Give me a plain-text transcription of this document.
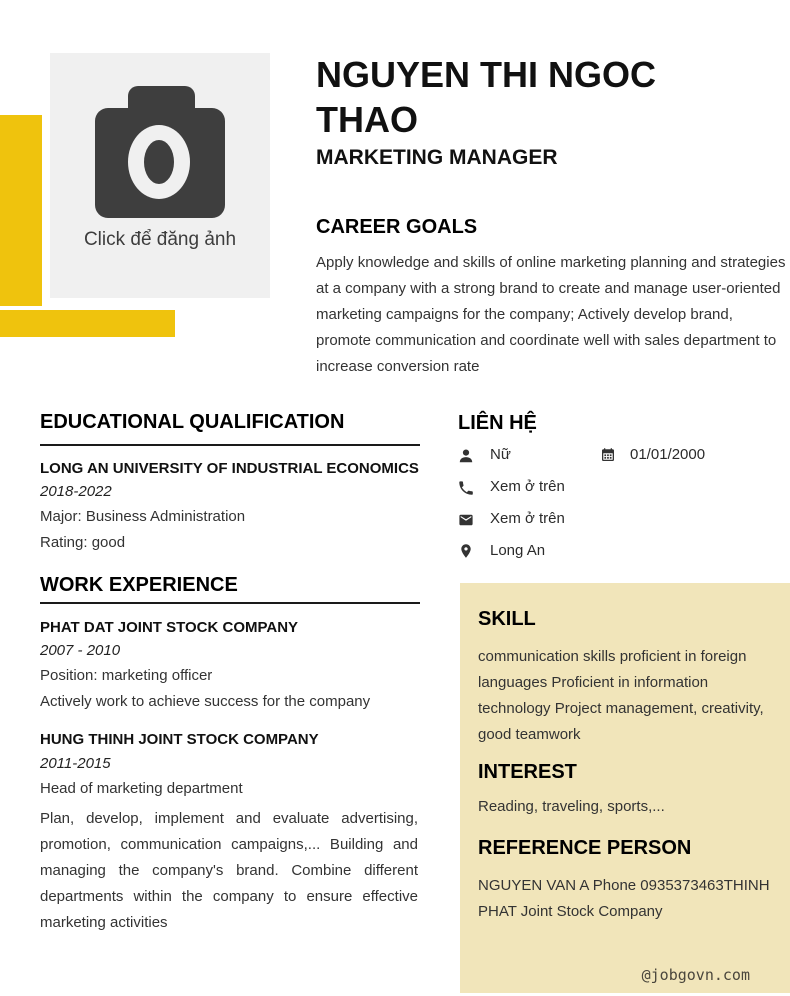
Click để đăng ảnh
NGUYEN THI NGOC THAO
MARKETING MANAGER
CAREER GOALS
Apply knowledge and skills of online marketing planning and strategies at a company with a strong brand to create and manage user-oriented marketing campaigns for the company; Actively develop brand, promote communication and coordinate well with sales department to increase conversion rate
EDUCATIONAL QUALIFICATION
LONG AN UNIVERSITY OF INDUSTRIAL ECONOMICS
2018-2022
Major: Business Administration
Rating: good
WORK EXPERIENCE
PHAT DAT JOINT STOCK COMPANY
2007 - 2010
Position: marketing officer
Actively work to achieve success for the company
HUNG THINH JOINT STOCK COMPANY
2011-2015
Head of marketing department
Plan, develop, implement and evaluate advertising, promotion, communication campaigns,... Building and managing the company's brand. Combine different departments within the company to ensure effective marketing activities
LIÊN HỆ
Nữ	01/01/2000
Xem ở trên
Xem ở trên
Long An
SKILL
communication skills proficient in foreign languages Proficient in information technology Project management, creativity, good teamwork
INTEREST
Reading, traveling, sports,...
REFERENCE PERSON
NGUYEN VAN A Phone 0935373463THINH PHAT Joint Stock Company
@jobgovn.com
